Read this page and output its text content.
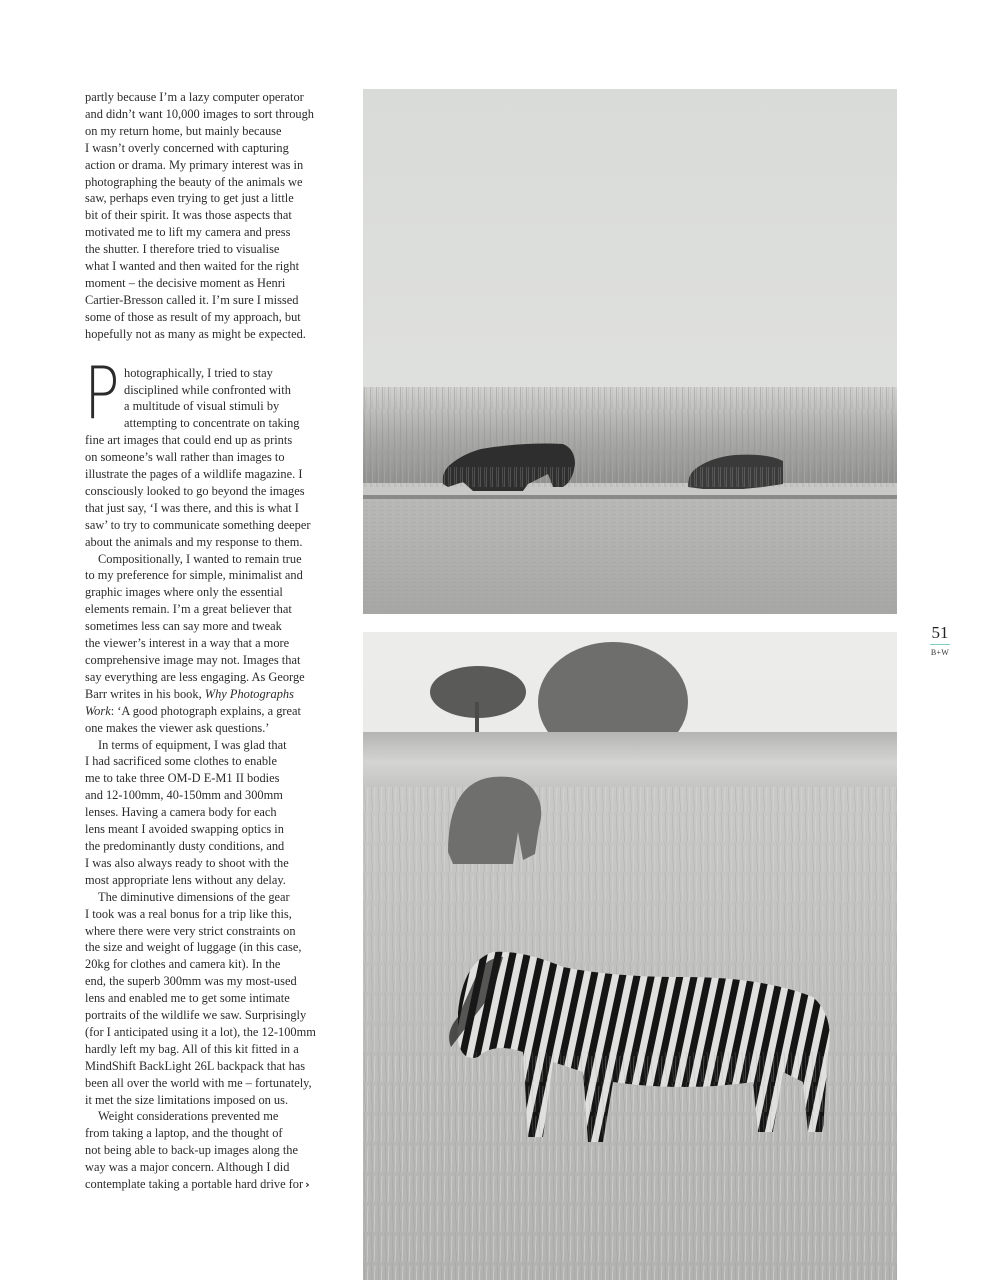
partly because I’m a lazy computer operator
and didn’t want 10,000 images to sort through
on my return home, but mainly because
I wasn’t overly concerned with capturing
action or drama. My primary interest was in
photographing the beauty of the animals we
saw, perhaps even trying to get just a little
bit of their spirit. It was those aspects that
motivated me to lift my camera and press
the shutter. I therefore tried to visualise
what I wanted and then waited for the right
moment – the decisive moment as Henri
Cartier-Bresson called it. I’m sure I missed
some of those as result of my approach, but
hopefully not as many as might be expected.
P hotographically, I tried to stay
disciplined while confronted with
a multitude of visual stimuli by
attempting to concentrate on taking
fine art images that could end up as prints
on someone’s wall rather than images to
illustrate the pages of a wildlife magazine. I
consciously looked to go beyond the images
that just say, ‘I was there, and this is what I
saw’ to try to communicate something deeper
about the animals and my response to them.
Compositionally, I wanted to remain true
to my preference for simple, minimalist and
graphic images where only the essential
elements remain. I’m a great believer that
sometimes less can say more and tweak
the viewer’s interest in a way that a more
comprehensive image may not. Images that
say everything are less engaging. As George
Barr writes in his book, Why Photographs
Work: ‘A good photograph explains, a great
one makes the viewer ask questions.’
In terms of equipment, I was glad that
I had sacrificed some clothes to enable
me to take three OM-D E-M1 II bodies
and 12-100mm, 40-150mm and 300mm
lenses. Having a camera body for each
lens meant I avoided swapping optics in
the predominantly dusty conditions, and
I was also always ready to shoot with the
most appropriate lens without any delay.
The diminutive dimensions of the gear
I took was a real bonus for a trip like this,
where there were very strict constraints on
the size and weight of luggage (in this case,
20kg for clothes and camera kit). In the
end, the superb 300mm was my most-used
lens and enabled me to get some intimate
portraits of the wildlife we saw. Surprisingly
(for I anticipated using it a lot), the 12-100mm
hardly left my bag. All of this kit fitted in a
MindShift BackLight 26L backpack that has
been all over the world with me – fortunately,
it met the size limitations imposed on us.
Weight considerations prevented me
from taking a laptop, and the thought of
not being able to back-up images along the
way was a major concern. Although I did
contemplate taking a portable hard drive for ›
51
B+W
